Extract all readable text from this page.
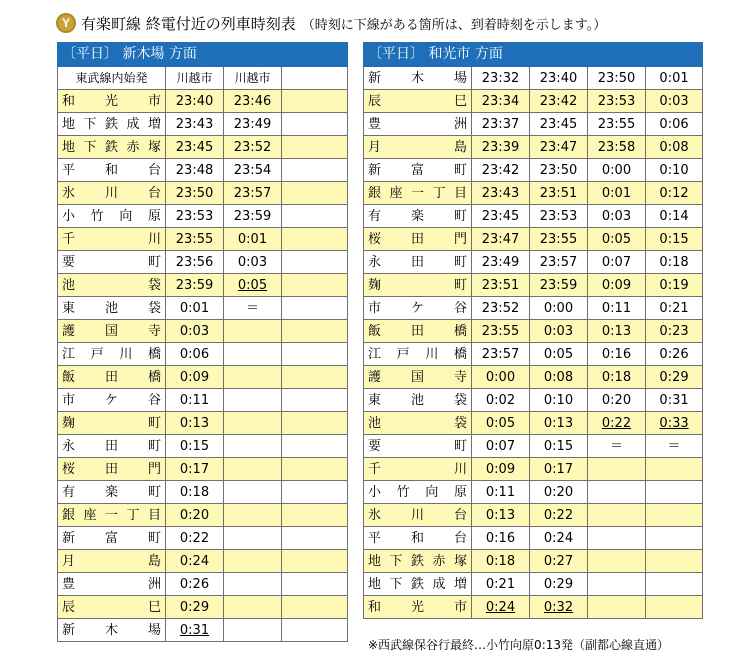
Y 有楽町線 終電付近の列車時刻表 （時刻に下線がある箇所は、到着時刻を示します。）
〔平日〕 新木場 方面			
東武線内始発	川越市	川越市	

和 光 市	23:40	23:46	

地 下 鉄 成 増	23:43	23:49	

地 下 鉄 赤 塚	23:45	23:52	

平 和 台	23:48	23:54	

氷 川 台	23:50	23:57	

小 竹 向 原	23:53	23:59	

千 川	23:55	0:01	

要 町	23:56	0:03	

池 袋	23:59	0:05	

東 池 袋	0:01	＝	

護 国 寺	0:03		

江 戸 川 橋	0:06		

飯 田 橋	0:09		

市 ケ 谷	0:11		

麹 町	0:13		

永 田 町	0:15		

桜 田 門	0:17		

有 楽 町	0:18		

銀 座 一 丁 目	0:20		

新 富 町	0:22		

月 島	0:24		

豊 洲	0:26		

辰 巳	0:29		

新 木 場	0:31		
〔平日〕 和光市 方面				

新 木 場	23:32	23:40	23:50	0:01

辰 巳	23:34	23:42	23:53	0:03

豊 洲	23:37	23:45	23:55	0:06

月 島	23:39	23:47	23:58	0:08

新 富 町	23:42	23:50	0:00	0:10

銀 座 一 丁 目	23:43	23:51	0:01	0:12

有 楽 町	23:45	23:53	0:03	0:14

桜 田 門	23:47	23:55	0:05	0:15

永 田 町	23:49	23:57	0:07	0:18

麹 町	23:51	23:59	0:09	0:19

市 ケ 谷	23:52	0:00	0:11	0:21

飯 田 橋	23:55	0:03	0:13	0:23

江 戸 川 橋	23:57	0:05	0:16	0:26

護 国 寺	0:00	0:08	0:18	0:29

東 池 袋	0:02	0:10	0:20	0:31

池 袋	0:05	0:13	0:22	0:33

要 町	0:07	0:15	＝	＝

千 川	0:09	0:17		

小 竹 向 原	0:11	0:20		

氷 川 台	0:13	0:22		

平 和 台	0:16	0:24		

地 下 鉄 赤 塚	0:18	0:27		

地 下 鉄 成 増	0:21	0:29		

和 光 市	0:24	0:32		
※西武線保谷行最終…小竹向原0:13発（副都心線直通）
